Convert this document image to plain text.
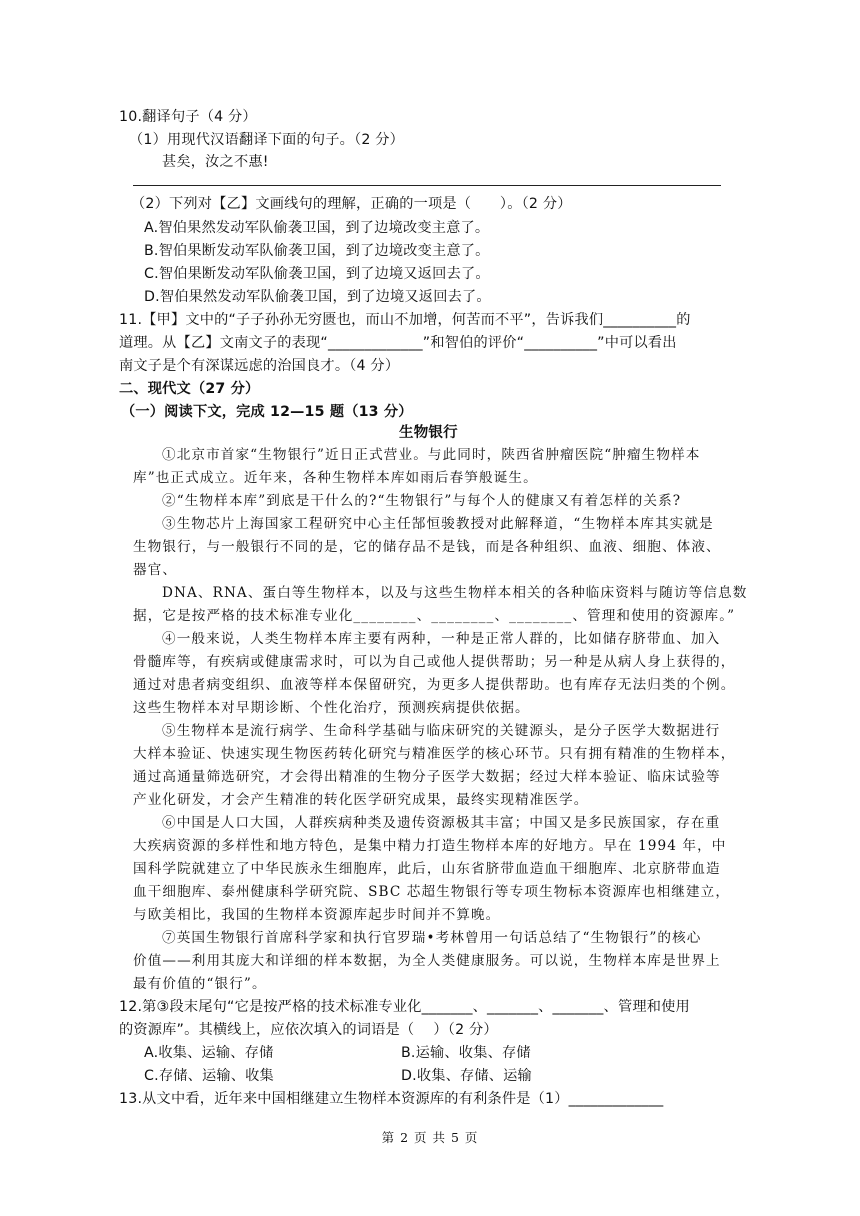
第 2 页 共 5 页
10.翻译句子（4 分）
（1）用现代汉语翻译下面的句子。（2 分）
甚矣，汝之不惠!
（2）下列对【乙】文画线句的理解，正确的一项是（　　）。（2 分）
A.智伯果然发动军队偷袭卫国，到了边境改变主意了。
B.智伯果断发动军队偷袭卫国，到了边境改变主意了。
C.智伯果断发动军队偷袭卫国，到了边境又返回去了。
D.智伯果然发动军队偷袭卫国，到了边境又返回去了。
11.【甲】文中的“子子孙孙无穷匮也，而山不加增，何苦而不平”，告诉我们__________的
道理。从【乙】文南文子的表现“_____________”和智伯的评价“__________”中可以看出
南文子是个有深谋远虑的治国良才。（4 分）
二、现代文（27 分）
（一）阅读下文，完成 12—15 题（13 分）
生物银行
①北京市首家“生物银行”近日正式营业。与此同时，陕西省肿瘤医院“肿瘤生物样本
库”也正式成立。近年来，各种生物样本库如雨后春笋般诞生。
②“生物样本库”到底是干什么的?“生物银行”与每个人的健康又有着怎样的关系?
③生物芯片上海国家工程研究中心主任郜恒骏教授对此解释道，“生物样本库其实就是
生物银行，与一般银行不同的是，它的储存品不是钱，而是各种组织、血液、细胞、体液、
器官、
DNA、RNA、蛋白等生物样本，以及与这些生物样本相关的各种临床资料与随访等信息数
据，它是按严格的技术标准专业化________、________、________、管理和使用的资源库。”
④一般来说，人类生物样本库主要有两种，一种是正常人群的，比如储存脐带血、加入
骨髓库等，有疾病或健康需求时，可以为自己或他人提供帮助；另一种是从病人身上获得的，
通过对患者病变组织、血液等样本保留研究，为更多人提供帮助。也有库存无法归类的个例。
这些生物样本对早期诊断、个性化治疗，预测疾病提供依据。
⑤生物样本是流行病学、生命科学基础与临床研究的关键源头，是分子医学大数据进行
大样本验证、快速实现生物医药转化研究与精准医学的核心环节。只有拥有精准的生物样本，
通过高通量筛选研究，才会得出精准的生物分子医学大数据；经过大样本验证、临床试验等
产业化研发，才会产生精准的转化医学研究成果，最终实现精准医学。
⑥中国是人口大国，人群疾病种类及遗传资源极其丰富；中国又是多民族国家，存在重
大疾病资源的多样性和地方特色，是集中精力打造生物样本库的好地方。早在 1994 年，中
国科学院就建立了中华民族永生细胞库，此后，山东省脐带血造血干细胞库、北京脐带血造
血干细胞库、泰州健康科学研究院、SBC 芯超生物银行等专项生物标本资源库也相继建立，
与欧美相比，我国的生物样本资源库起步时间并不算晚。
⑦英国生物银行首席科学家和执行官罗瑞•考林曾用一句话总结了“生物银行”的核心
价值——利用其庞大和详细的样本数据，为全人类健康服务。可以说，生物样本库是世界上
最有价值的“银行”。
12.第③段末尾句“它是按严格的技术标准专业化_______、_______、_______、管理和使用
的资源库”。其横线上，应依次填入的词语是（　 ）（2 分）
A.收集、运输、存储	B.运输、收集、存储
C.存储、运输、收集	D.收集、存储、运输
13.从文中看，近年来中国相继建立生物样本资源库的有利条件是（1）_____________
